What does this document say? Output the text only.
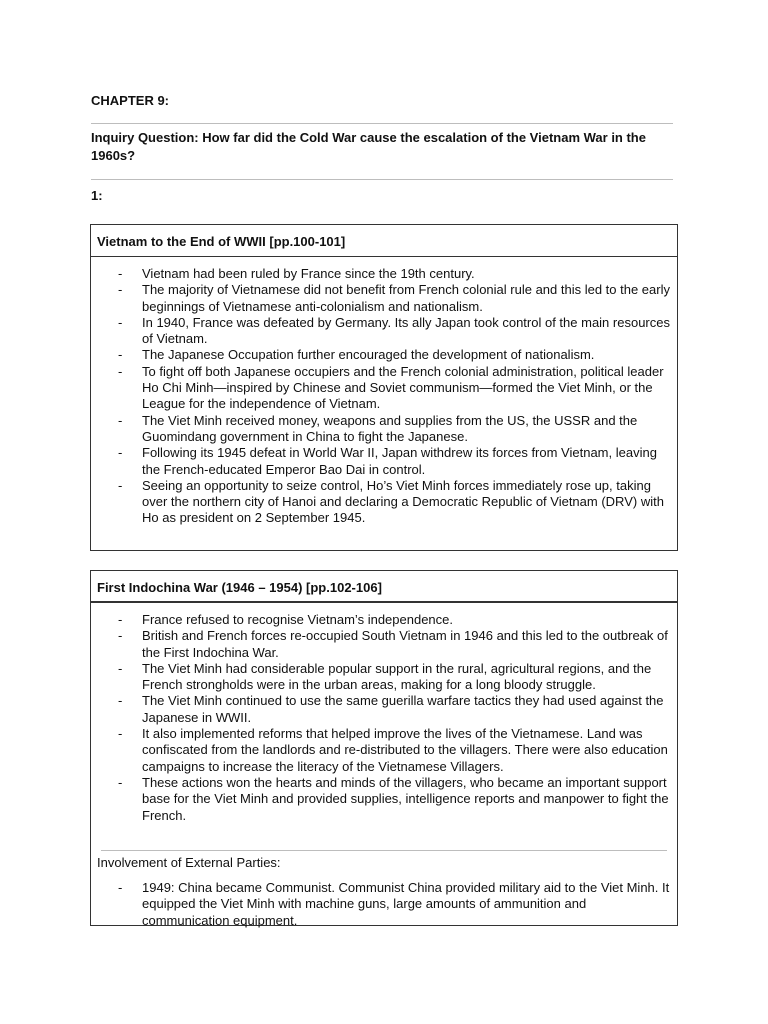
CHAPTER 9:
Inquiry Question: How far did the Cold War cause the escalation of the Vietnam War in the 1960s?
1:
Vietnam to the End of WWII [pp.100-101]
- Vietnam had been ruled by France since the 19th century.
- The majority of Vietnamese did not benefit from French colonial rule and this led to the early beginnings of Vietnamese anti-colonialism and nationalism.
- In 1940, France was defeated by Germany. Its ally Japan took control of the main resources of Vietnam.
- The Japanese Occupation further encouraged the development of nationalism.
- To fight off both Japanese occupiers and the French colonial administration, political leader Ho Chi Minh—inspired by Chinese and Soviet communism—formed the Viet Minh, or the League for the independence of Vietnam.
- The Viet Minh received money, weapons and supplies from the US, the USSR and the Guomindang government in China to fight the Japanese.
- Following its 1945 defeat in World War II, Japan withdrew its forces from Vietnam, leaving the French-educated Emperor Bao Dai in control.
- Seeing an opportunity to seize control, Ho’s Viet Minh forces immediately rose up, taking over the northern city of Hanoi and declaring a Democratic Republic of Vietnam (DRV) with Ho as president on 2 September 1945.
First Indochina War (1946 – 1954) [pp.102-106]
- France refused to recognise Vietnam’s independence.
- British and French forces re-occupied South Vietnam in 1946 and this led to the outbreak of the First Indochina War.
- The Viet Minh had considerable popular support in the rural, agricultural regions, and the French strongholds were in the urban areas, making for a long bloody struggle.
- The Viet Minh continued to use the same guerilla warfare tactics they had used against the Japanese in WWII.
- It also implemented reforms that helped improve the lives of the Vietnamese. Land was confiscated from the landlords and re-distributed to the villagers. There were also education campaigns to increase the literacy of the Vietnamese Villagers.
- These actions won the hearts and minds of the villagers, who became an important support base for the Viet Minh and provided supplies, intelligence reports and manpower to fight the French.
Involvement of External Parties:
- 1949: China became Communist. Communist China provided military aid to the Viet Minh. It equipped the Viet Minh with machine guns, large amounts of ammunition and communication equipment.
